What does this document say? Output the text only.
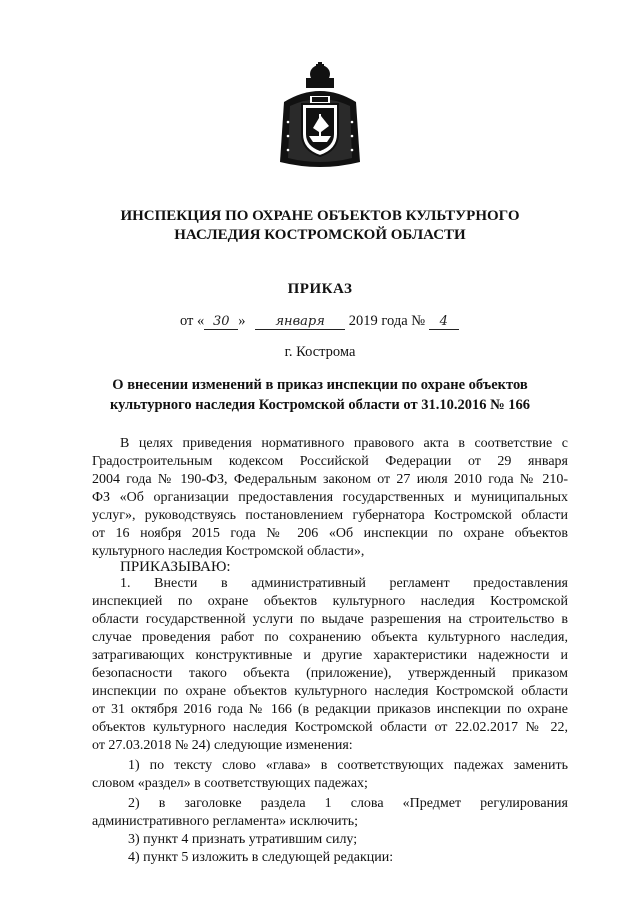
ИНСПЕКЦИЯ ПО ОХРАНЕ ОБЪЕКТОВ КУЛЬТУРНОГО
НАСЛЕДИЯ КОСТРОМСКОЙ ОБЛАСТИ
ПРИКАЗ
от « 30 » января 2019 года № 4
г. Кострома
О внесении изменений в приказ инспекции по охране объектов
культурного наследия Костромской области от 31.10.2016 № 166
В целях приведения нормативного правового акта в соответствие с
Градостроительным кодексом Российской Федерации от 29 января
2004 года № 190-ФЗ, Федеральным законом от 27 июля 2010 года № 210-
ФЗ «Об организации предоставления государственных и муниципальных
услуг», руководствуясь постановлением губернатора Костромской области
от 16 ноября 2015 года № 206 «Об инспекции по охране объектов
культурного наследия Костромской области»,
ПРИКАЗЫВАЮ:
1. Внести в административный регламент предоставления
инспекцией по охране объектов культурного наследия Костромской
области государственной услуги по выдаче разрешения на строительство в
случае проведения работ по сохранению объекта культурного наследия,
затрагивающих конструктивные и другие характеристики надежности и
безопасности такого объекта (приложение), утвержденный приказом
инспекции по охране объектов культурного наследия Костромской области
от 31 октября 2016 года № 166 (в редакции приказов инспекции по охране
объектов культурного наследия Костромской области от 22.02.2017 № 22,
от 27.03.2018 № 24) следующие изменения:
1) по тексту слово «глава» в соответствующих падежах заменить
словом «раздел» в соответствующих падежах;
2) в заголовке раздела 1 слова «Предмет регулирования
административного регламента» исключить;
3) пункт 4 признать утратившим силу;
4) пункт 5 изложить в следующей редакции:
